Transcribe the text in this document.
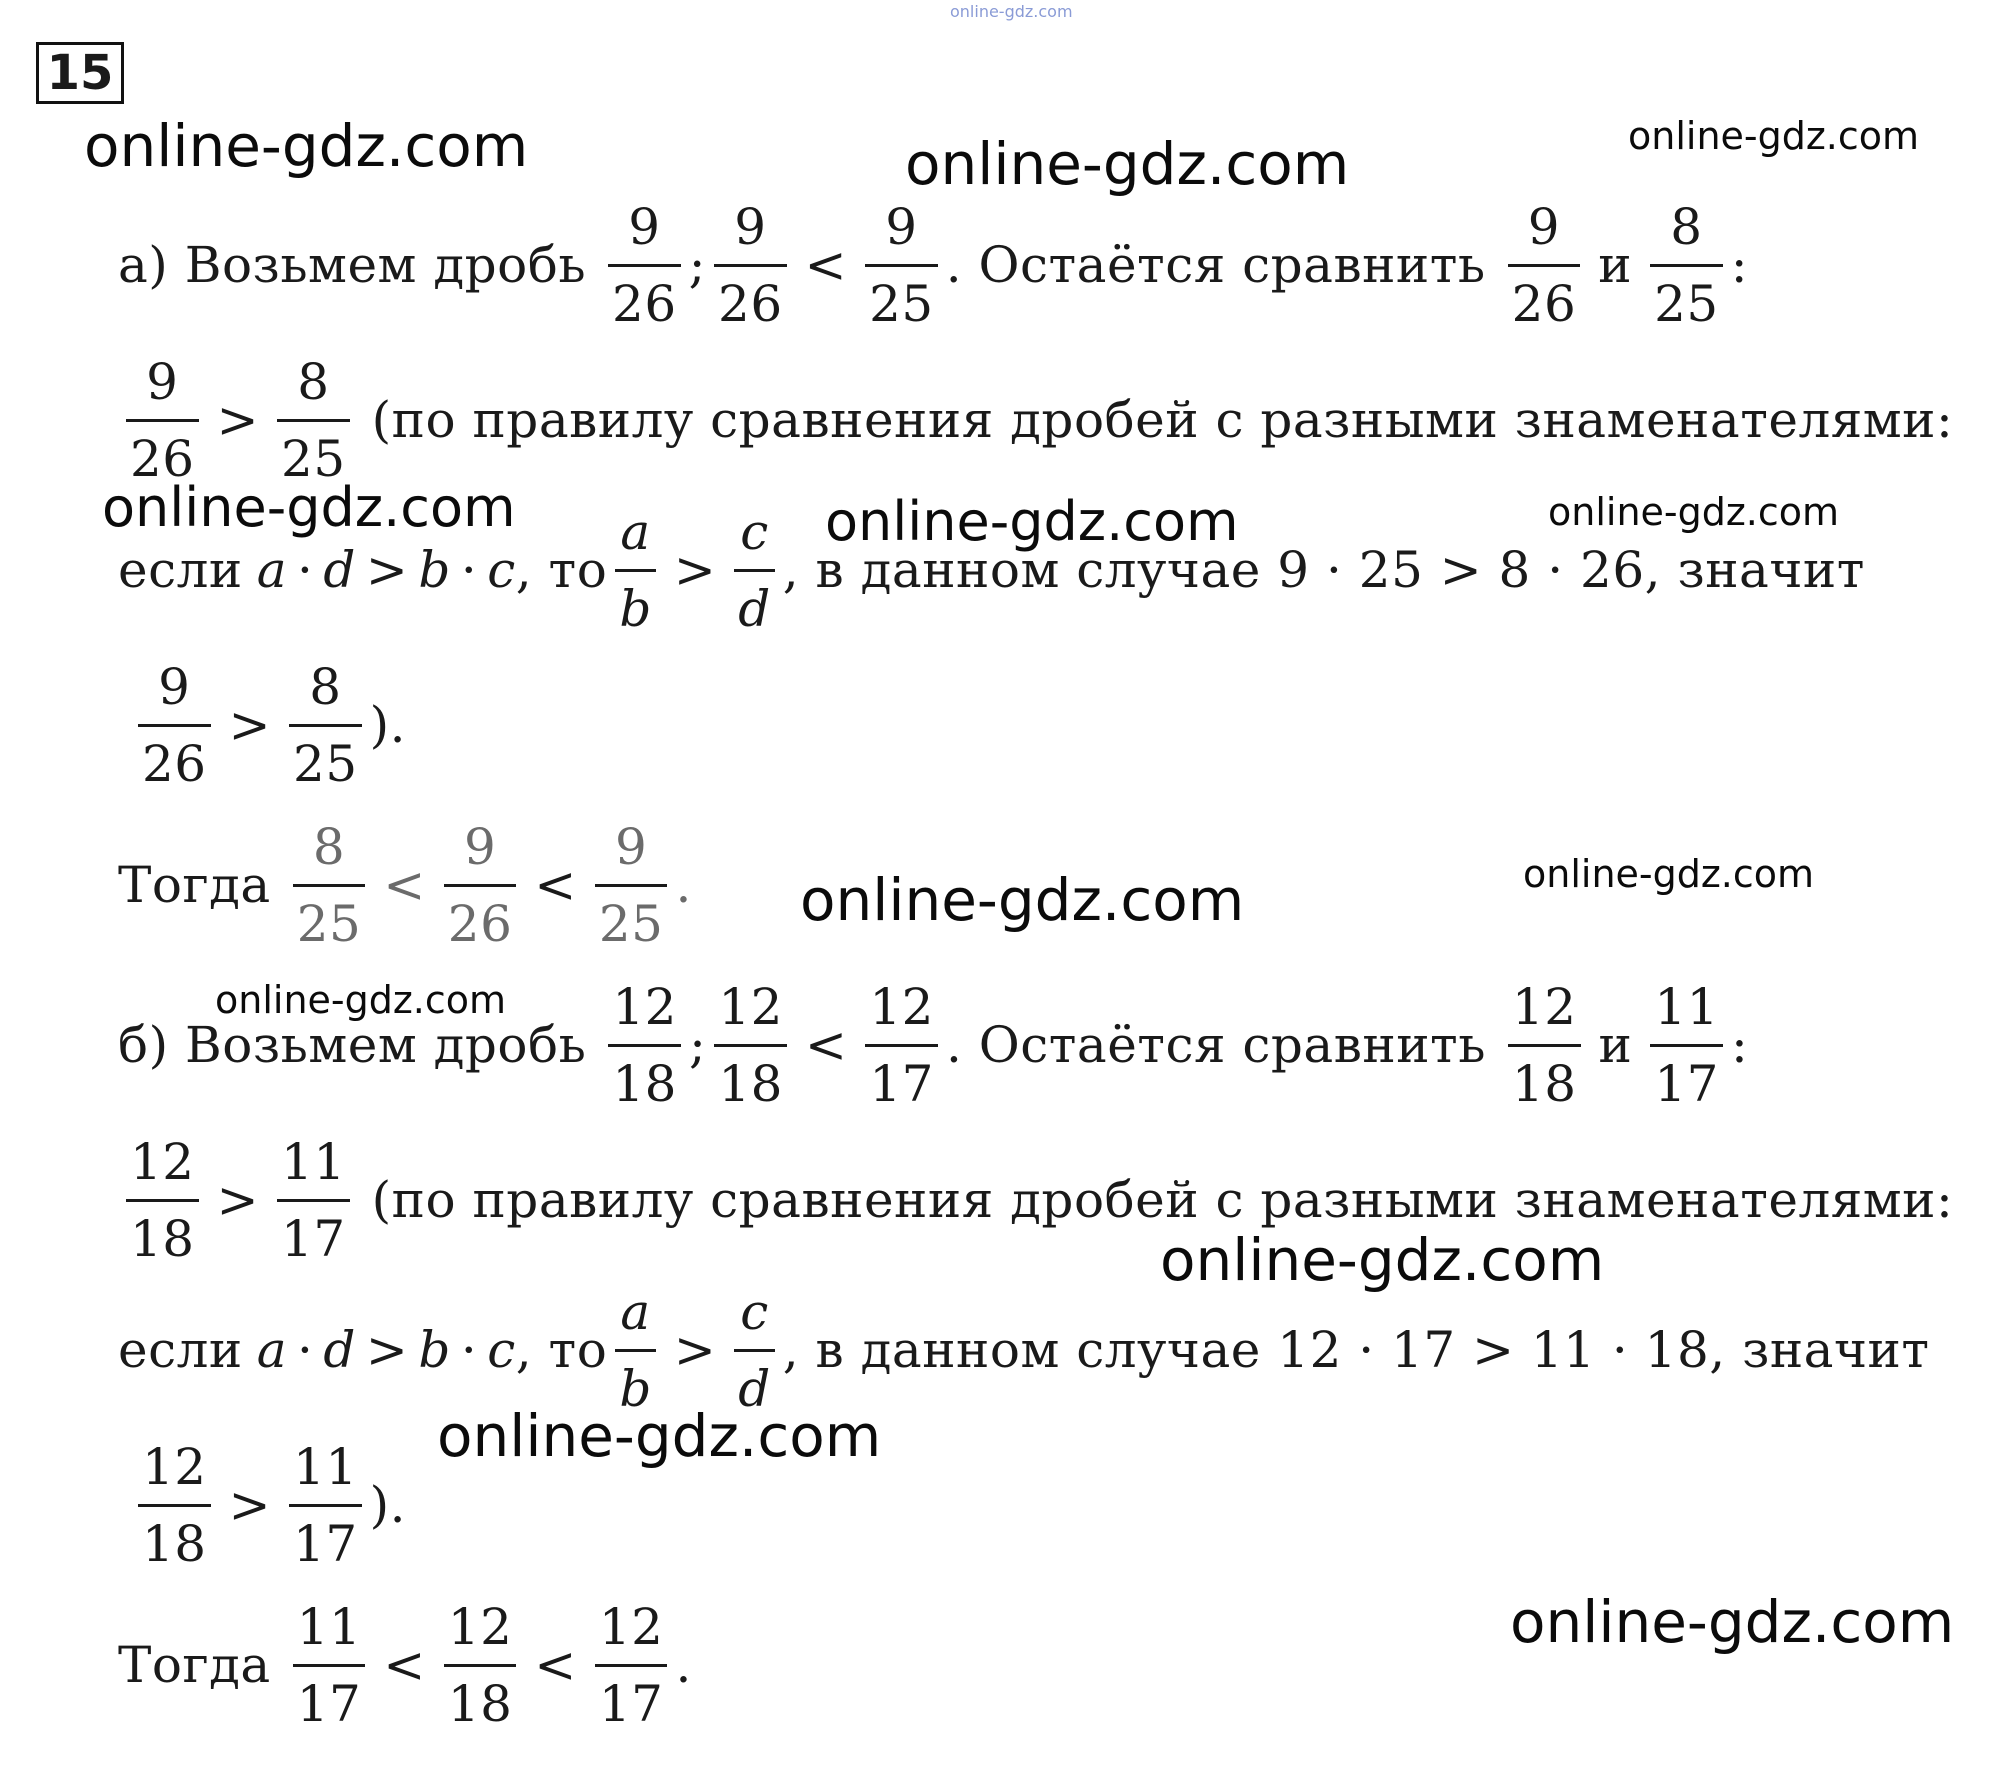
15
online-gdz.com
online-gdz.com	online-gdz.com	online-gdz.com
online-gdz.com	online-gdz.com	online-gdz.com
online-gdz.com	online-gdz.com
online-gdz.com
online-gdz.com
online-gdz.com
online-gdz.com
а) Возьмем дробь $\frac{9}{26}$ ; $\frac{9}{26} < \frac{9}{25}$ . Остаётся сравнить $\frac{9}{26}$ и $\frac{8}{25}$ :
$\frac{9}{26} > \frac{8}{25} (по$ правилу сравнения дробей с разными знаменателями:
если a · d > b · c , то $\frac{a}{b} > \frac{c}{d}$ , в данном случае 9 · 25 > 8 · 26, значит
$\frac{9}{26} > \frac{8}{25}$ ).
Тогда $\frac{8}{25} < \frac{9}{26} < \frac{9}{25}$ .
б) Возьмем дробь $\frac{12}{18}$ ; $\frac{12}{18} < \frac{12}{17}$ . Остаётся сравнить $\frac{12}{18}$ и $\frac{11}{17}$ :
$\frac{12}{18} > \frac{11}{17} (по$ правилу сравнения дробей с разными знаменателями:
если a · d > b · c , то $\frac{a}{b} > \frac{c}{d}$ , в данном случае 12 · 17 > 11 · 18, значит
$\frac{12}{18} > \frac{11}{17}$ ).
Тогда $\frac{11}{17} < \frac{12}{18} < \frac{12}{17}$ .
